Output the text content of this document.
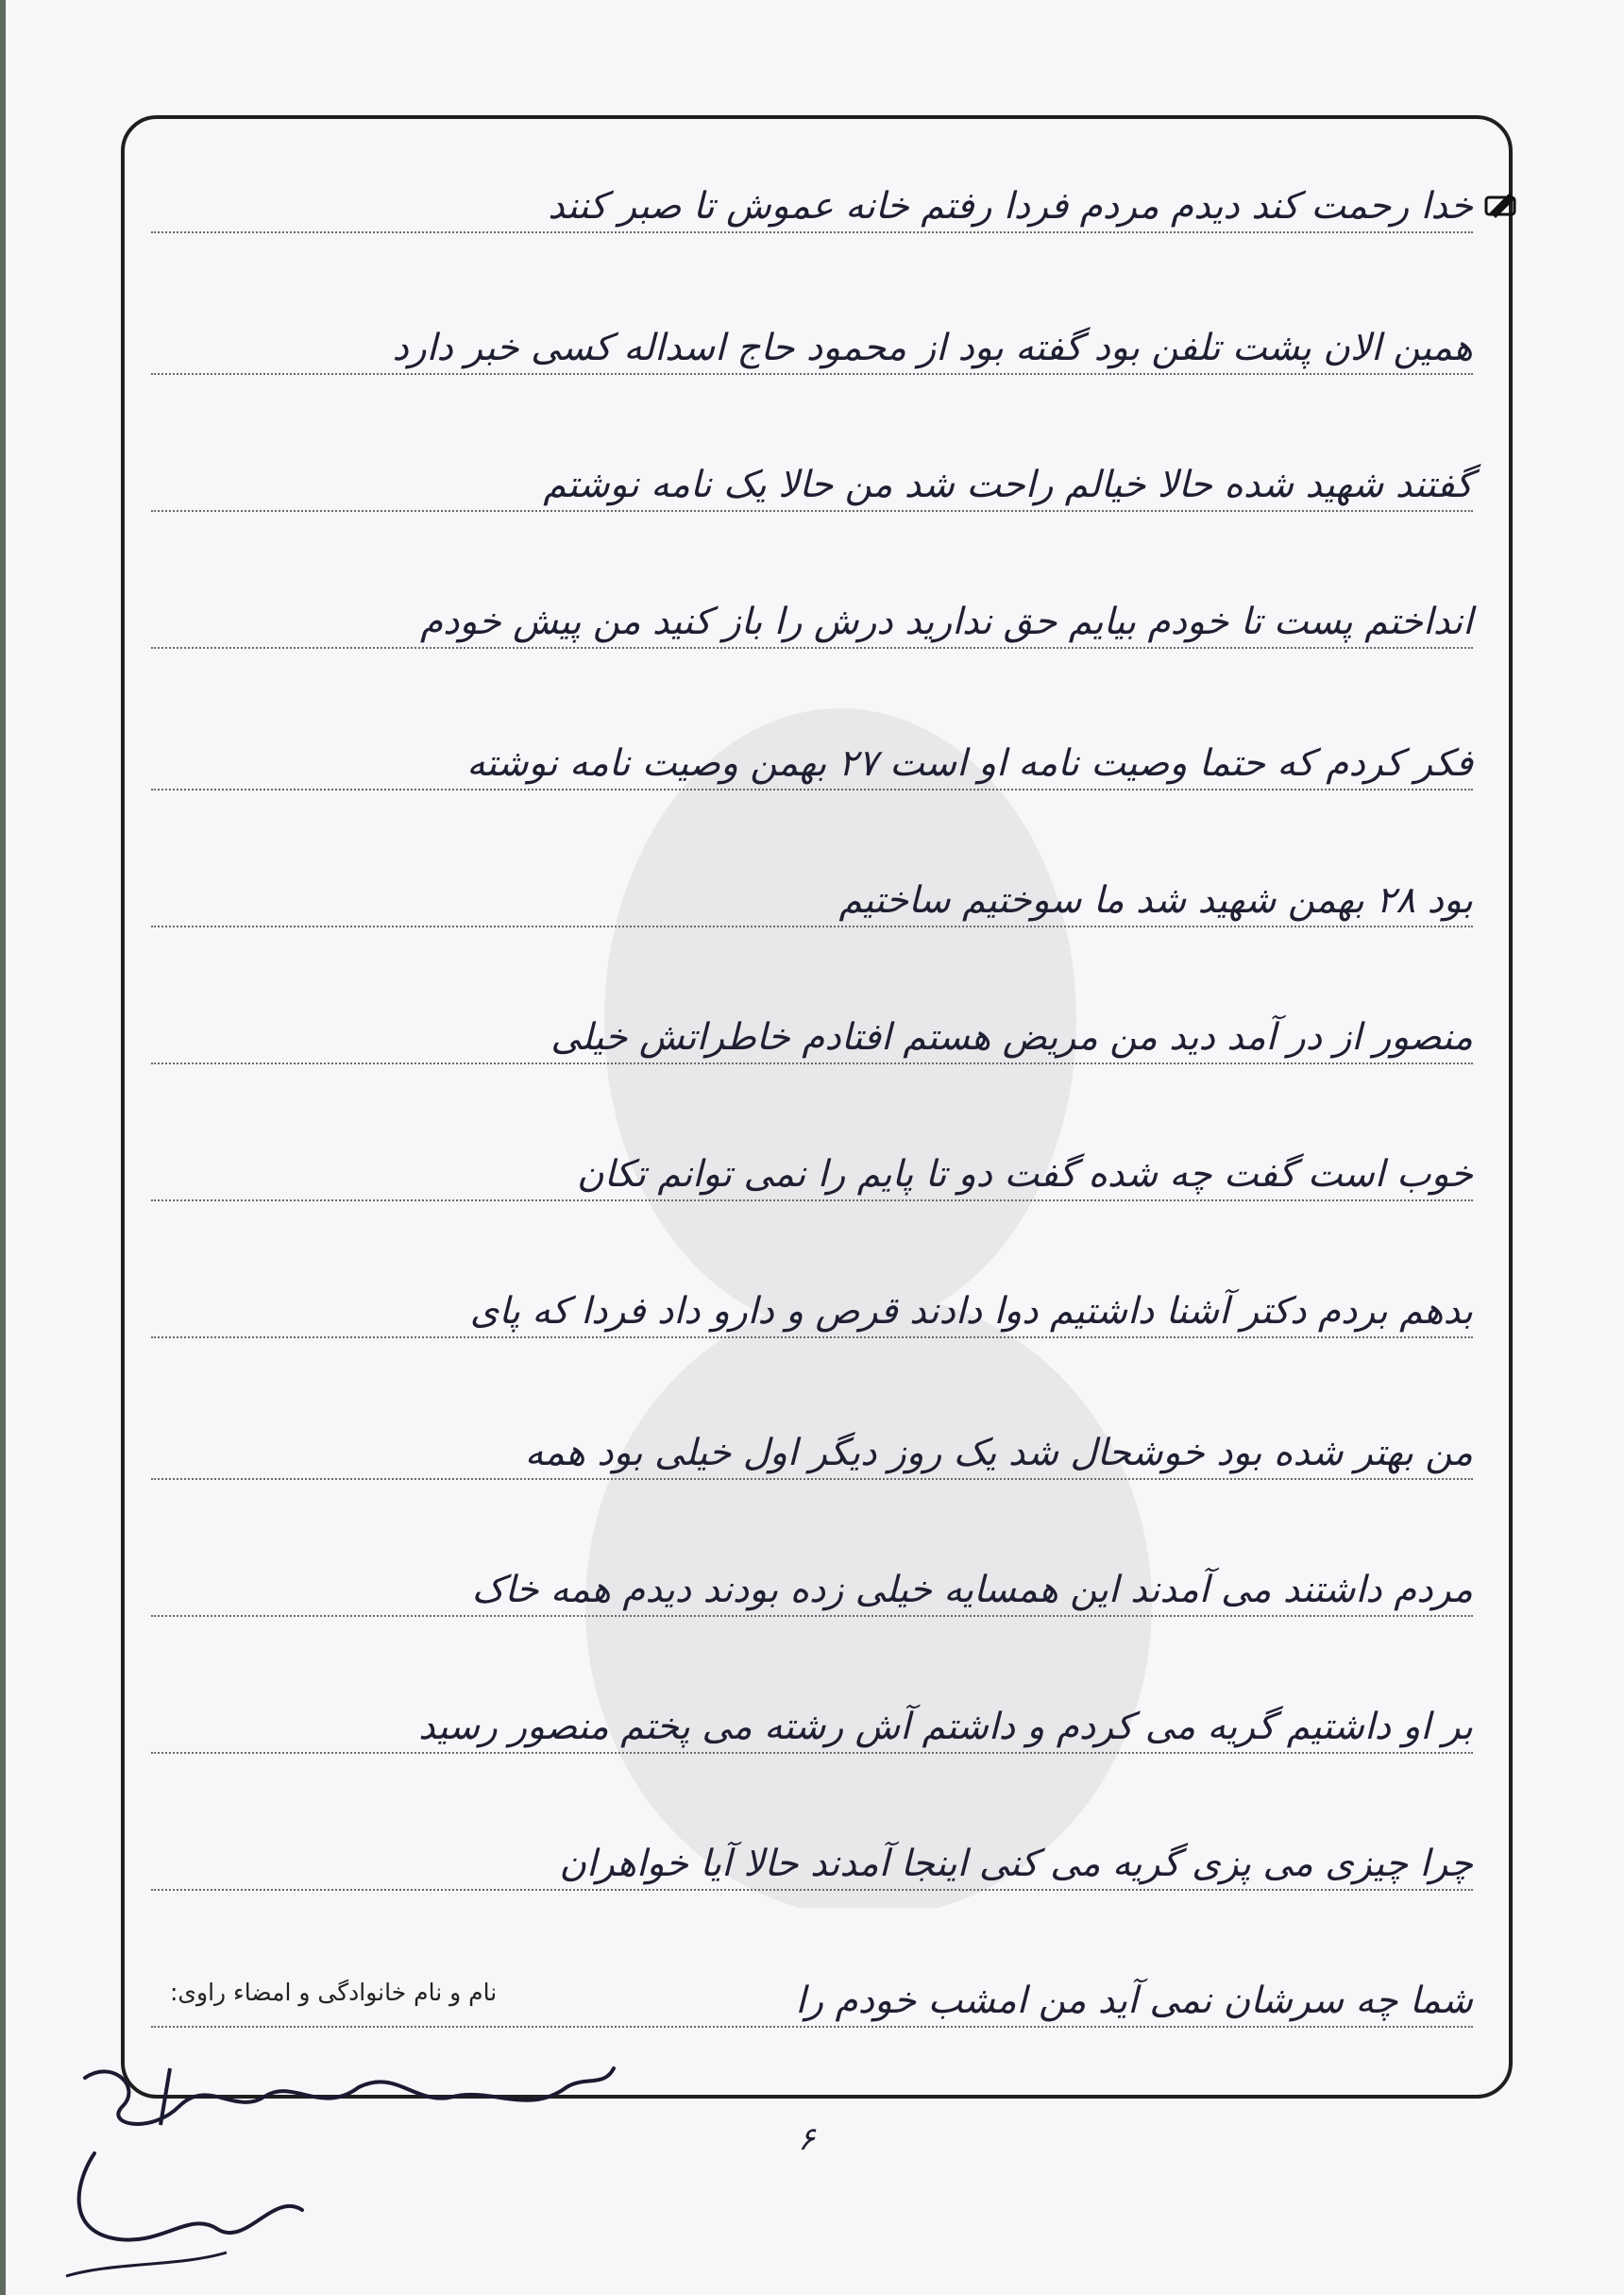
خدا رحمت کند دیدم مردم فردا رفتم خانه عموش تا صبر کنند
همین الان پشت تلفن بود گفته بود از محمود حاج اسداله کسی خبر دارد
گفتند شهید شده حالا خیالم راحت شد من حالا یک نامه نوشتم
انداختم پست تا خودم بیایم حق ندارید درش را باز کنید من پیش خودم
فکر کردم که حتما وصیت نامه او است ۲۷ بهمن وصیت نامه نوشته
بود ۲۸ بهمن شهید شد ما سوختیم ساختیم
منصور از در آمد دید من مریض هستم افتادم خاطراتش خیلی
خوب است گفت چه شده گفت دو تا پایم را نمی توانم تکان
بدهم بردم دکتر آشنا داشتیم دوا دادند قرص و دارو داد فردا که پای
من بهتر شده بود خوشحال شد یک روز دیگر اول خیلی بود همه
مردم داشتند می آمدند این همسایه خیلی زده بودند دیدم همه خاک
بر او داشتیم گریه می کردم و داشتم آش رشته می پختم منصور رسید
چرا چیزی می پزی گریه می کنی اینجا آمدند حالا آیا خواهران
شما چه سرشان نمی آید من امشب خودم را
نام و نام خانوادگی و امضاء راوی:
۶
